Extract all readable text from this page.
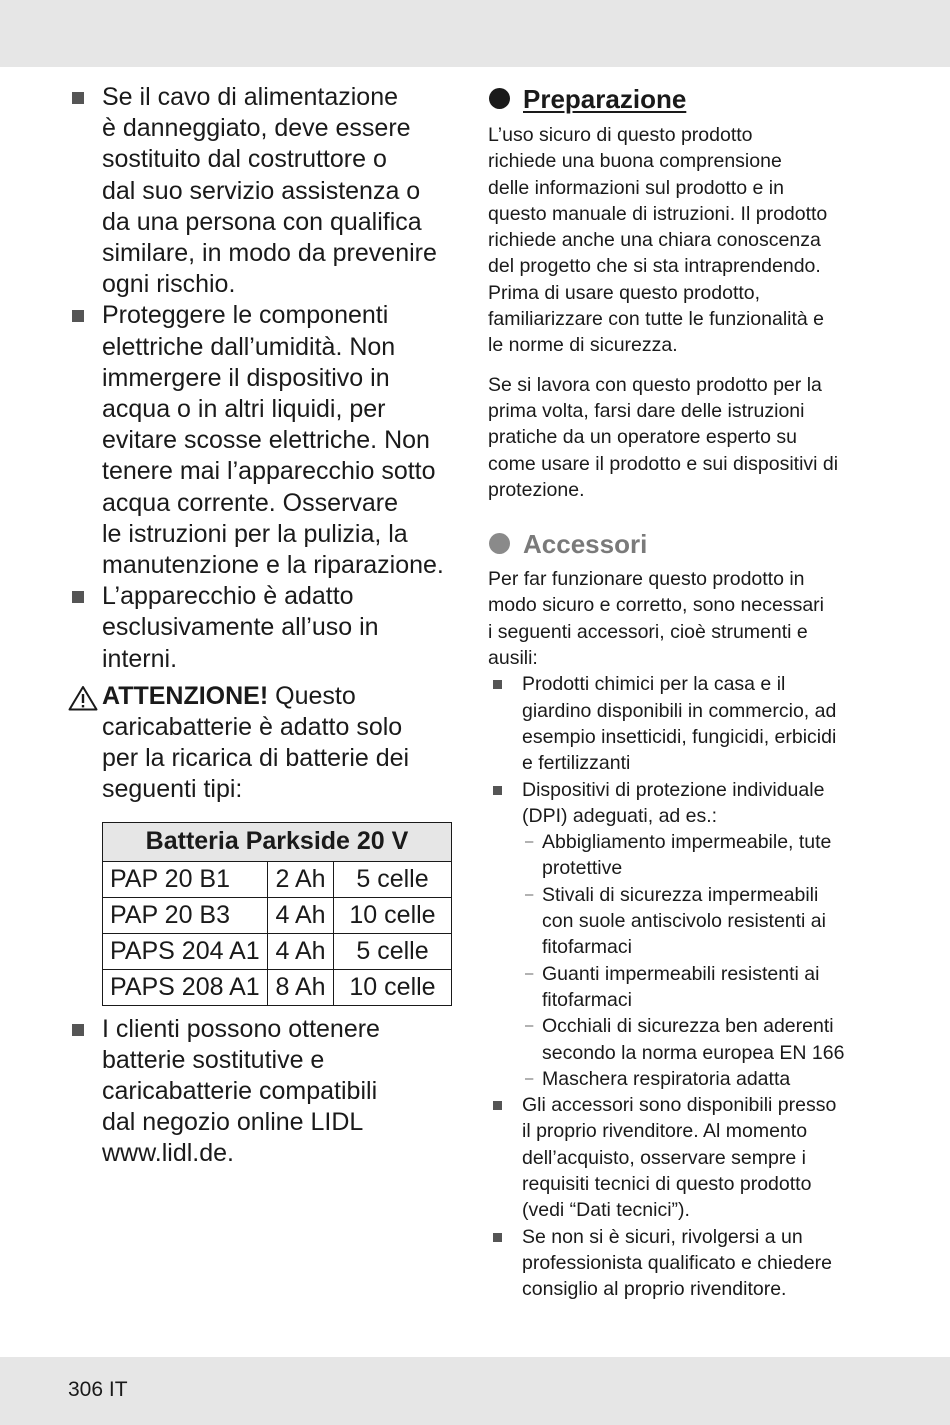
Se il cavo di alimentazione
è danneggiato, deve essere
sostituito dal costruttore o
dal suo servizio assistenza o
da una persona con qualifica
similare, in modo da prevenire
ogni rischio.
Proteggere le componenti
elettriche dall’umidità. Non
immergere il dispositivo in
acqua o in altri liquidi, per
evitare scosse elettriche. Non
tenere mai l’apparecchio sotto
acqua corrente. Osservare
le istruzioni per la pulizia, la
manutenzione e la riparazione.
L’apparecchio è adatto
esclusivamente all’uso in
interni.
ATTENZIONE! Questo
caricabatterie è adatto solo
per la ricarica di batterie dei
seguenti tipi:
Batteria Parkside 20 V		
PAP 20 B1	2 Ah	5 celle
PAP 20 B3	4 Ah	10 celle
PAPS 204 A1	4 Ah	5 celle
PAPS 208 A1	8 Ah	10 celle
I clienti possono ottenere
batterie sostitutive e
caricabatterie compatibili
dal negozio online LIDL
www.lidl.de.
Preparazione

L’uso sicuro di questo prodotto
richiede una buona comprensione
delle informazioni sul prodotto e in
questo manuale di istruzioni. Il prodotto
richiede anche una chiara conoscenza
del progetto che si sta intraprendendo.
Prima di usare questo prodotto,
familiarizzare con tutte le funzionalità e
le norme di sicurezza.

Se si lavora con questo prodotto per la
prima volta, farsi dare delle istruzioni
pratiche da un operatore esperto su
come usare il prodotto e sui dispositivi di
protezione.

Accessori

Per far funzionare questo prodotto in
modo sicuro e corretto, sono necessari
i seguenti accessori, cioè strumenti e
ausili:

Prodotti chimici per la casa e il
giardino disponibili in commercio, ad
esempio insetticidi, fungicidi, erbicidi
e fertilizzanti
Dispositivi di protezione individuale
(DPI) adeguati, ad es.:
– Abbigliamento impermeabile, tute
protettive
– Stivali di sicurezza impermeabili
con suole antiscivolo resistenti ai
fitofarmaci
– Guanti impermeabili resistenti ai
fitofarmaci
– Occhiali di sicurezza ben aderenti
secondo la norma europea EN 166
– Maschera respiratoria adatta
Gli accessori sono disponibili presso
il proprio rivenditore. Al momento
dell’acquisto, osservare sempre i
requisiti tecnici di questo prodotto
(vedi “Dati tecnici”).
Se non si è sicuri, rivolgersi a un
professionista qualificato e chiedere
consiglio al proprio rivenditore.
306 IT
